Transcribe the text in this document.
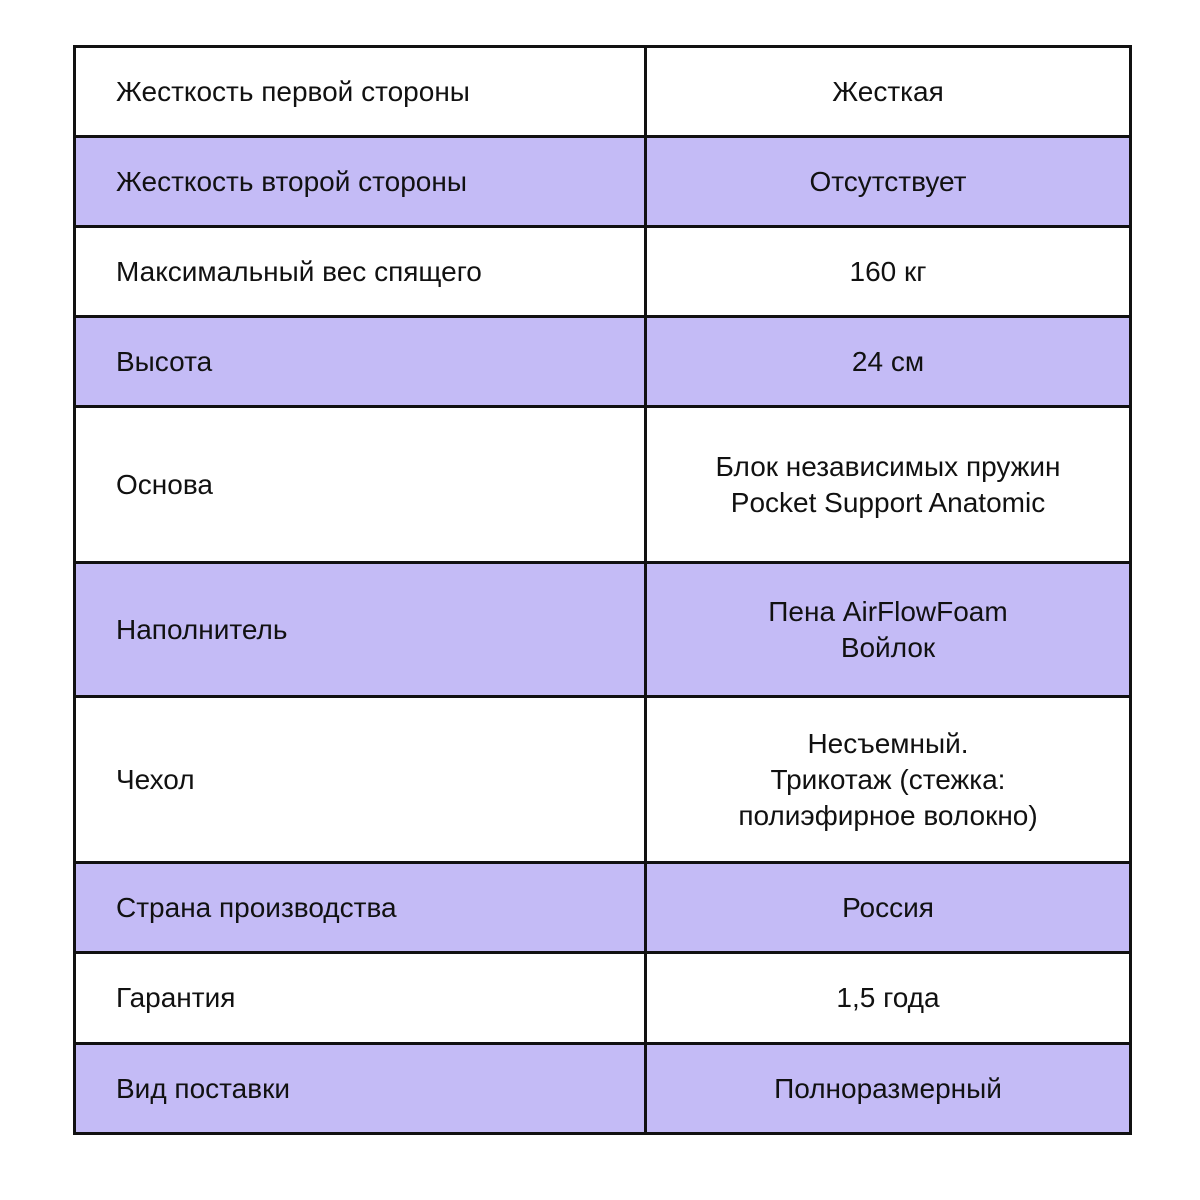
Жесткость первой стороны	Жесткая

Жесткость второй стороны	Отсутствует

Максимальный вес спящего	160 кг

Высота	24 см

Основа	Блок независимых пружин
Pocket Support Anatomic

Наполнитель	Пена AirFlowFoam
Войлок

Чехол	Несъемный.
Трикотаж (стежка:
полиэфирное волокно)

Страна производства	Россия

Гарантия	1,5 года

Вид поставки	Полноразмерный
